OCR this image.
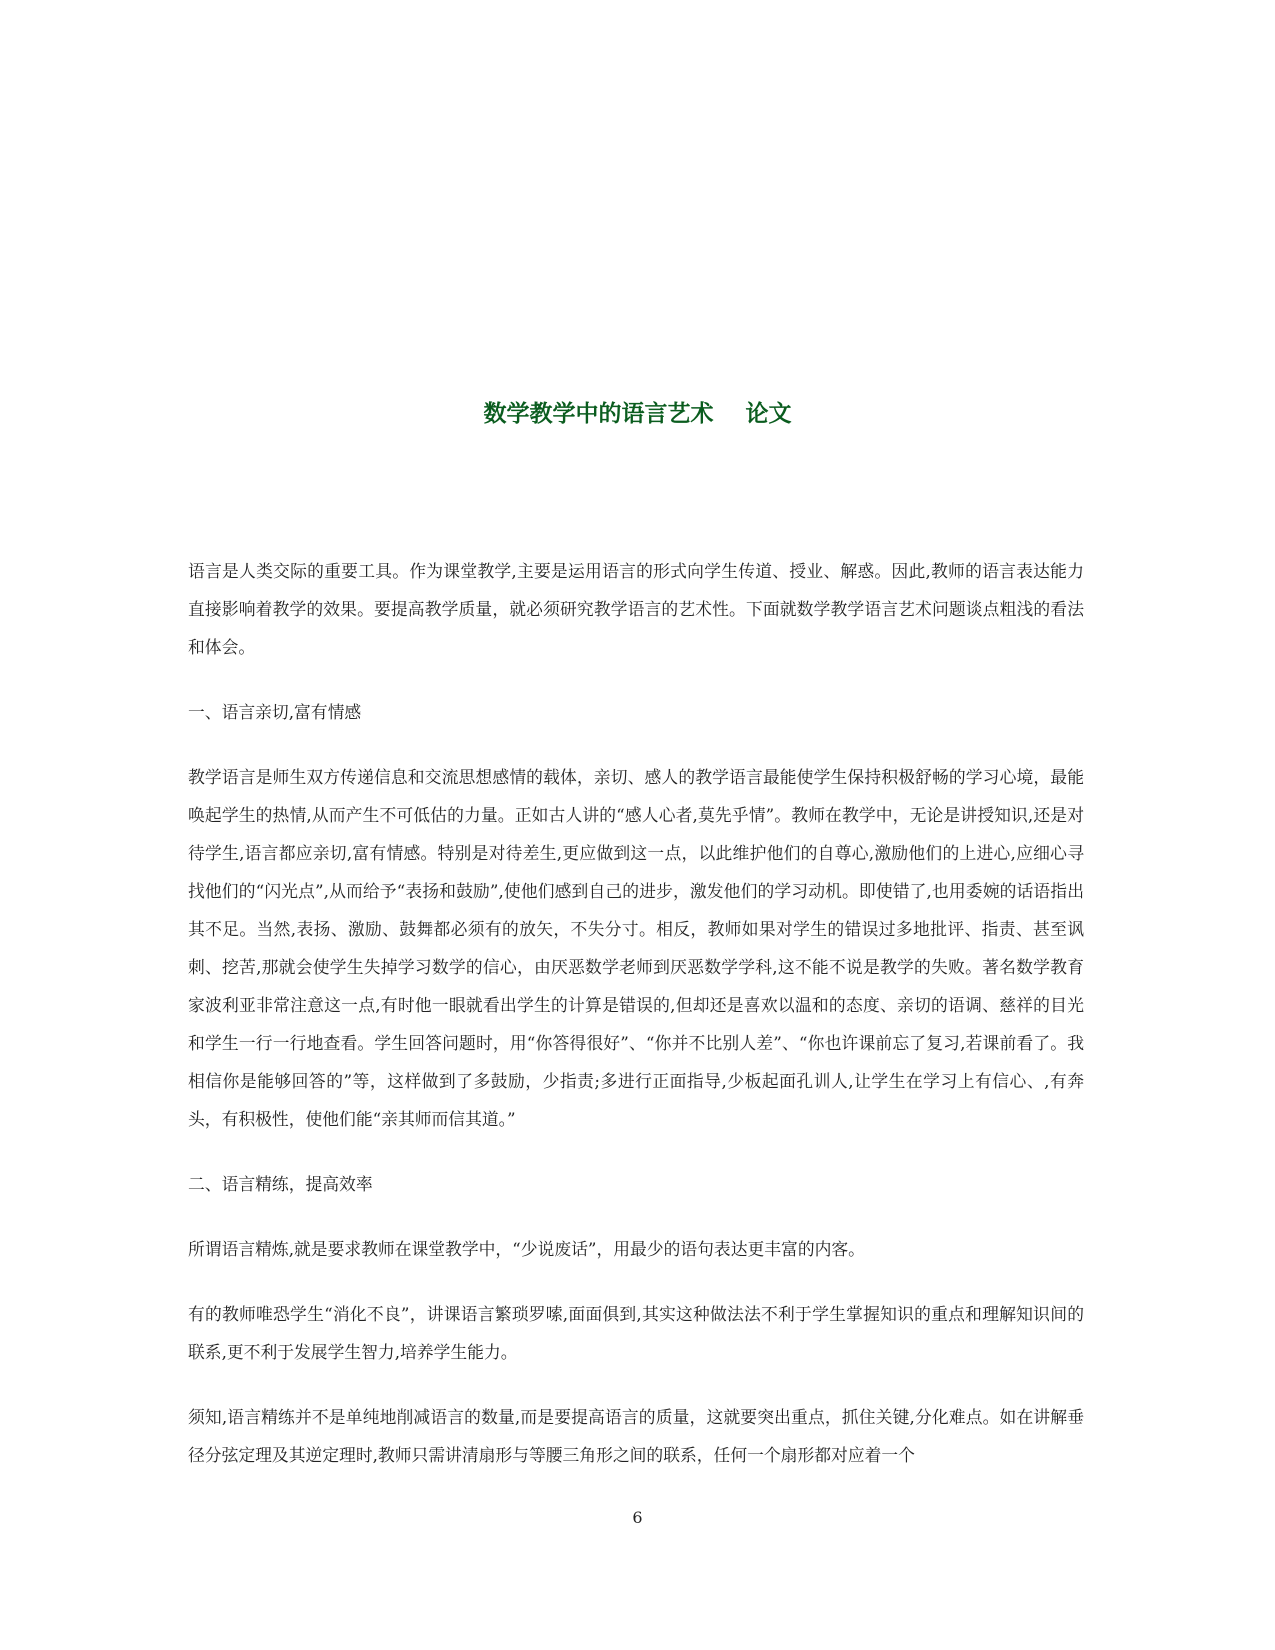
数学教学中的语言艺术    论文

语言是人类交际的重要工具。作为课堂教学,主要是运用语言的形式向学生传道、授业、解惑。因此,教师的语言表达能力直接影响着教学的效果。要提高教学质量，就必须研究教学语言的艺术性。下面就数学教学语言艺术问题谈点粗浅的看法和体会。

一、语言亲切,富有情感

教学语言是师生双方传递信息和交流思想感情的载体，亲切、感人的教学语言最能使学生保持积极舒畅的学习心境，最能唤起学生的热情,从而产生不可低估的力量。正如古人讲的“感人心者,莫先乎情”。教师在教学中，无论是讲授知识,还是对待学生,语言都应亲切,富有情感。特别是对待差生,更应做到这一点，以此维护他们的自尊心,激励他们的上进心,应细心寻找他们的“闪光点”,从而给予“表扬和鼓励”,使他们感到自己的进步，激发他们的学习动机。即使错了,也用委婉的话语指出其不足。当然,表扬、激励、鼓舞都必须有的放矢，不失分寸。相反，教师如果对学生的错误过多地批评、指责、甚至讽刺、挖苦,那就会使学生失掉学习数学的信心，由厌恶数学老师到厌恶数学学科,这不能不说是教学的失败。著名数学教育家波利亚非常注意这一点,有时他一眼就看出学生的计算是错误的,但却还是喜欢以温和的态度、亲切的语调、慈祥的目光和学生一行一行地查看。学生回答问题时，用“你答得很好”、“你并不比别人差”、“你也许课前忘了复习,若课前看了。我相信你是能够回答的”等，这样做到了多鼓励，少指责;多进行正面指导,少板起面孔训人,让学生在学习上有信心、,有奔头，有积极性，使他们能“亲其师而信其道。”

二、语言精练，提高效率

所谓语言精炼,就是要求教师在课堂教学中，“少说废话”，用最少的语句表达更丰富的内客。

有的教师唯恐学生“消化不良”，讲课语言繁琐罗嗦,面面俱到,其实这种做法法不利于学生掌握知识的重点和理解知识间的联系,更不利于发展学生智力,培养学生能力。

须知,语言精练并不是单纯地削减语言的数量,而是要提高语言的质量，这就要突出重点，抓住关键,分化难点。如在讲解垂径分弦定理及其逆定理时,教师只需讲清扇形与等腰三角形之间的联系，任何一个扇形都对应着一个

6
